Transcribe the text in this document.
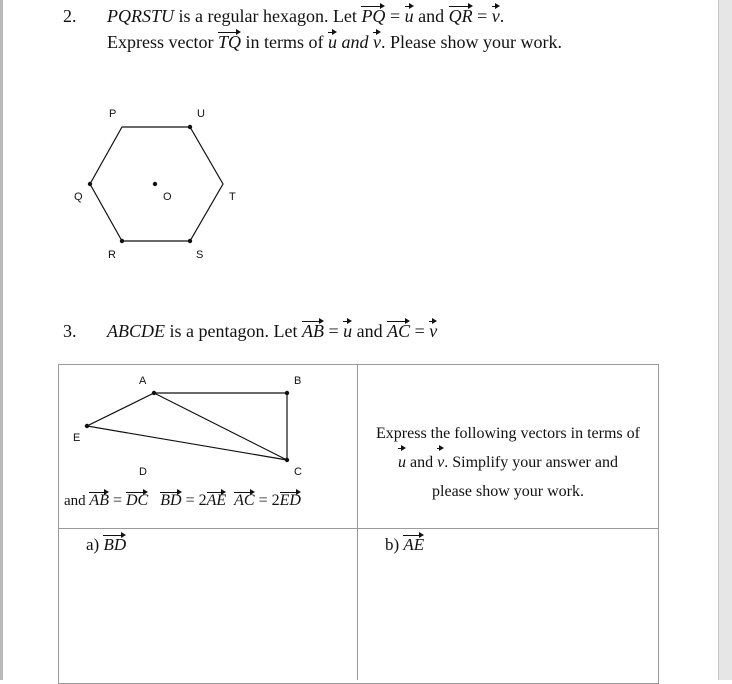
2. PQRSTU is a regular hexagon. Let PQ = u and QR = v.
Express vector TQ in terms of u and v. Please show your work.
P	U
Q	O	T
R	S
3. ABCDE is a pentagon. Let AB = u and AC = v
A	B
E
D	C
and AB = DC BD = 2AE AC = 2ED
Express the following vectors in terms of
u and v. Simplify your answer and
please show your work.
a) BD	b) AE
